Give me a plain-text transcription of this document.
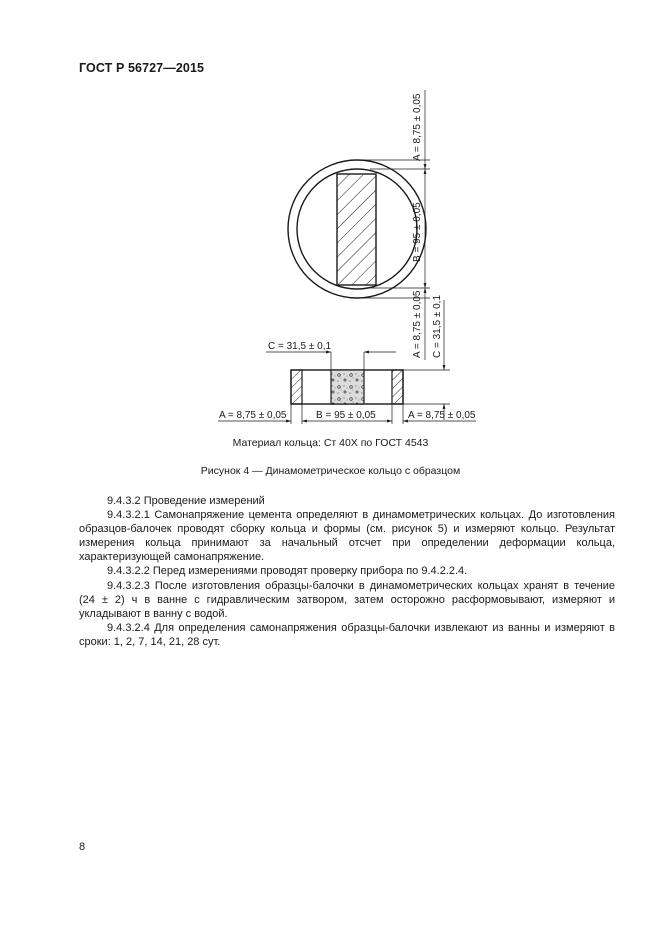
ГОСТ Р 56727—2015
A = 8,75 ± 0,05
B = 95 ± 0,05
A = 8,75 ± 0,05
C = 31,5 ± 0,1	C = 31,5 ± 0,1
A = 8,75 ± 0,05	B = 95 ± 0,05	A = 8,75 ± 0,05
Материал кольца: Ст 40X по ГОСТ 4543
Рисунок 4 — Динамометрическое кольцо с образцом

9.4.3.2 Проведение измерений

9.4.3.2.1 Самонапряжение цемента определяют в динамометрических кольцах. До изготовления образцов-балочек проводят сборку кольца и формы (см. рисунок 5) и измеряют кольцо. Результат измерения кольца принимают за начальный отсчет при определении деформации кольца, характеризующей самонапряжение.

9.4.3.2.2 Перед измерениями проводят проверку прибора по 9.4.2.2.4.

9.4.3.2.3 После изготовления образцы-балочки в динамометрических кольцах хранят в течение (24 ± 2) ч в ванне с гидравлическим затвором, затем осторожно расформовывают, измеряют и укладывают в ванну с водой.

9.4.3.2.4 Для определения самонапряжения образцы-балочки извлекают из ванны и измеряют в сроки: 1, 2, 7, 14, 21, 28 сут.

8
